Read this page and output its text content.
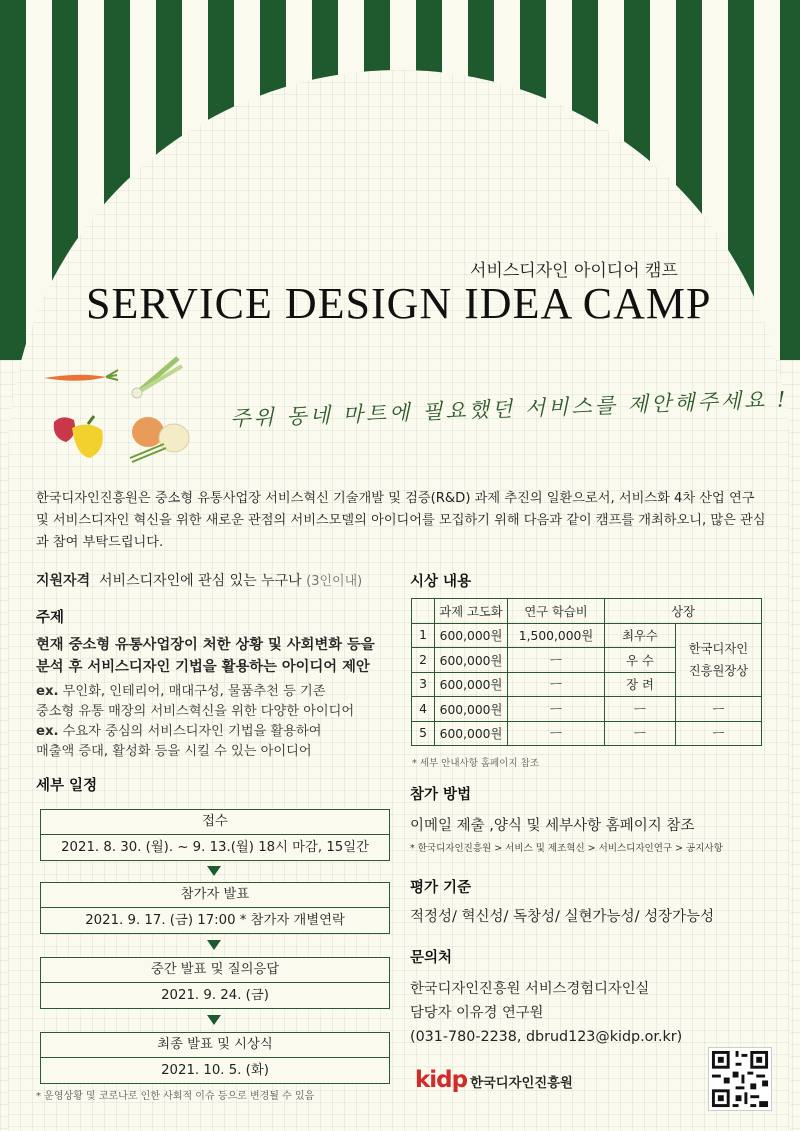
서비스디자인 아이디어 캠프
SERVICE DESIGN IDEA CAMP
주위 동네 마트에 필요했던 서비스를 제안해주세요 !
한국디자인진흥원은 중소형 유통사업장 서비스혁신 기술개발 및 검증(R&D) 과제 추진의 일환으로서, 서비스화 4차 산업 연구 및 서비스디자인 혁신을 위한 새로운 관점의 서비스모델의 아이디어를 모집하기 위해 다음과 같이 캠프를 개최하오니, 많은 관심과 참여 부탁드립니다.
지원자격 서비스디자인에 관심 있는 누구나 (3인이내)
주제
현재 중소형 유통사업장이 처한 상황 및 사회변화 등을
분석 후 서비스디자인 기법을 활용하는 아이디어 제안
ex. 무인화, 인테리어, 매대구성, 물품추천 등 기존
중소형 유통 매장의 서비스혁신을 위한 다양한 아이디어
ex. 수요자 중심의 서비스디자인 기법을 활용하여
매출액 증대, 활성화 등을 시킬 수 있는 아이디어
세부 일정
접수
2021. 8. 30. (월). ~ 9. 13.(월) 18시 마감, 15일간
참가자 발표
2021. 9. 17. (금) 17:00 * 참가자 개별연락
중간 발표 및 질의응답
2021. 9. 24. (금)
최종 발표 및 시상식
2021. 10. 5. (화)
* 운영상황 및 코로나로 인한 사회적 이슈 등으로 변경될 수 있음
시상 내용
	과제 고도화	연구 학습비	상장	
1	600,000원	1,500,000원	최우수	한국디자인
진흥원장상

2	600,000원	ㅡ	우 수	
3	600,000원	ㅡ	장 려	
4	600,000원	ㅡ	ㅡ	ㅡ
5	600,000원	ㅡ	ㅡ	ㅡ
* 세부 안내사항 홈페이지 참조
참가 방법
이메일 제출 ,양식 및 세부사항 홈페이지 참조
* 한국디자인진흥원 > 서비스 및 제조혁신 > 서비스디자인연구 > 공지사항
평가 기준
적정성/ 혁신성/ 독창성/ 실현가능성/ 성장가능성
문의처
한국디자인진흥원 서비스경험디자인실
담당자 이유경 연구원
(031-780-2238, dbrud123@kidp.or.kr)
kidp 한국디자인진흥원
